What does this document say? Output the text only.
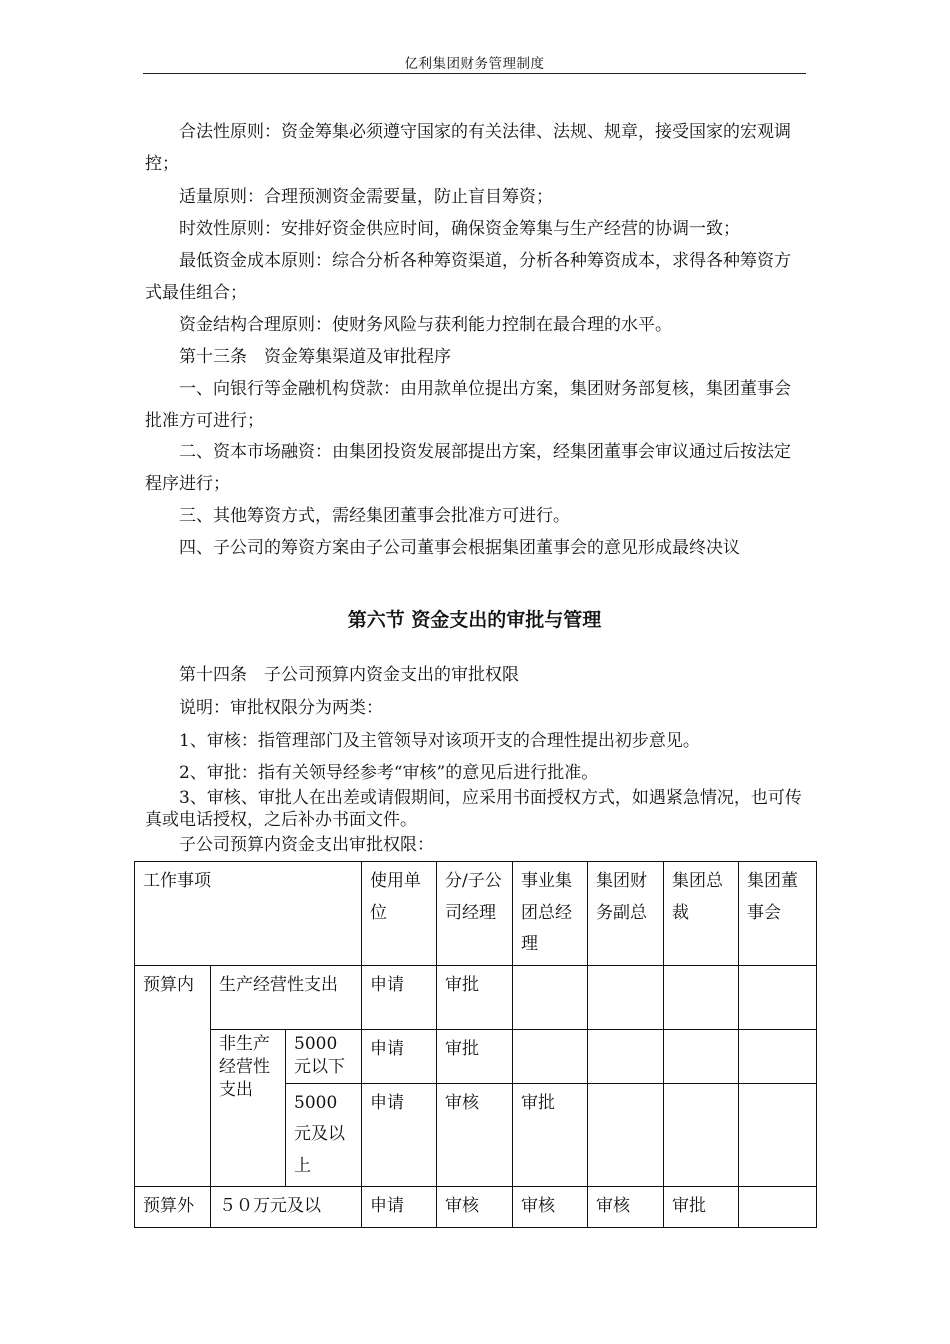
亿利集团财务管理制度

合法性原则：资金筹集必须遵守国家的有关法律、法规、规章，接受国家的宏观调控；

适量原则：合理预测资金需要量，防止盲目筹资；

时效性原则：安排好资金供应时间，确保资金筹集与生产经营的协调一致；

最低资金成本原则：综合分析各种筹资渠道，分析各种筹资成本，求得各种筹资方式最佳组合；

资金结构合理原则：使财务风险与获利能力控制在最合理的水平。

第十三条　资金筹集渠道及审批程序

一、向银行等金融机构贷款：由用款单位提出方案，集团财务部复核，集团董事会批准方可进行；

二、资本市场融资：由集团投资发展部提出方案，经集团董事会审议通过后按法定程序进行；

三、其他筹资方式，需经集团董事会批准方可进行。

四、子公司的筹资方案由子公司董事会根据集团董事会的意见形成最终决议

第六节 资金支出的审批与管理

第十四条　子公司预算内资金支出的审批权限

说明：审批权限分为两类：

1、审核：指管理部门及主管领导对该项开支的合理性提出初步意见。

2、审批：指有关领导经参考“审核”的意见后进行批准。

3、审核、审批人在出差或请假期间，应采用书面授权方式，如遇紧急情况，也可传真或电话授权，之后补办书面文件。

子公司预算内资金支出审批权限：

工作事项			使用单位	分/子公司经理	事业集团总经理	集团财务副总	集团总裁	集团董事会
预算内	生产经营性支出		申请	审批				
	非生产经营性支出	5000元以下	申请	审批				
		5000元及以上	申请	审核	审批			
预算外	５０万元及以		申请	审核	审核	审核	审批	
